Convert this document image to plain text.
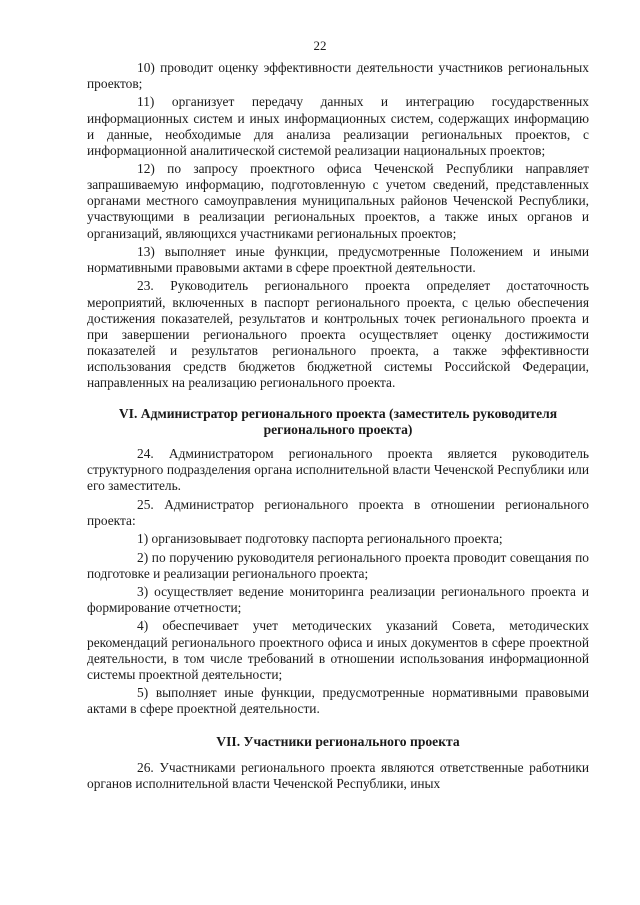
22

10) проводит оценку эффективности деятельности участников региональных проектов;

11) организует передачу данных и интеграцию государственных информационных систем и иных информационных систем, содержащих информацию и данные, необходимые для анализа реализации региональных проектов, с информационной аналитической системой реализации национальных проектов;

12) по запросу проектного офиса Чеченской Республики направляет запрашиваемую информацию, подготовленную с учетом сведений, представленных органами местного самоуправления муниципальных районов Чеченской Республики, участвующими в реализации региональных проектов, а также иных органов и организаций, являющихся участниками региональных проектов;

13) выполняет иные функции, предусмотренные Положением и иными нормативными правовыми актами в сфере проектной деятельности.

23. Руководитель регионального проекта определяет достаточность мероприятий, включенных в паспорт регионального проекта, с целью обеспечения достижения показателей, результатов и контрольных точек регионального проекта и при завершении регионального проекта осуществляет оценку достижимости показателей и результатов регионального проекта, а также эффективности использования средств бюджетов бюджетной системы Российской Федерации, направленных на реализацию регионального проекта.

VI. Администратор регионального проекта (заместитель руководителя регионального проекта)

24. Администратором регионального проекта является руководитель структурного подразделения органа исполнительной власти Чеченской Республики или его заместитель.

25. Администратор регионального проекта в отношении регионального проекта:

1) организовывает подготовку паспорта регионального проекта;

2) по поручению руководителя регионального проекта проводит совещания по подготовке и реализации регионального проекта;

3) осуществляет ведение мониторинга реализации регионального проекта и формирование отчетности;

4) обеспечивает учет методических указаний Совета, методических рекомендаций регионального проектного офиса и иных документов в сфере проектной деятельности, в том числе требований в отношении использования информационной системы проектной деятельности;

5) выполняет иные функции, предусмотренные нормативными правовыми актами в сфере проектной деятельности.

VII. Участники регионального проекта

26. Участниками регионального проекта являются ответственные работники органов исполнительной власти Чеченской Республики, иных
